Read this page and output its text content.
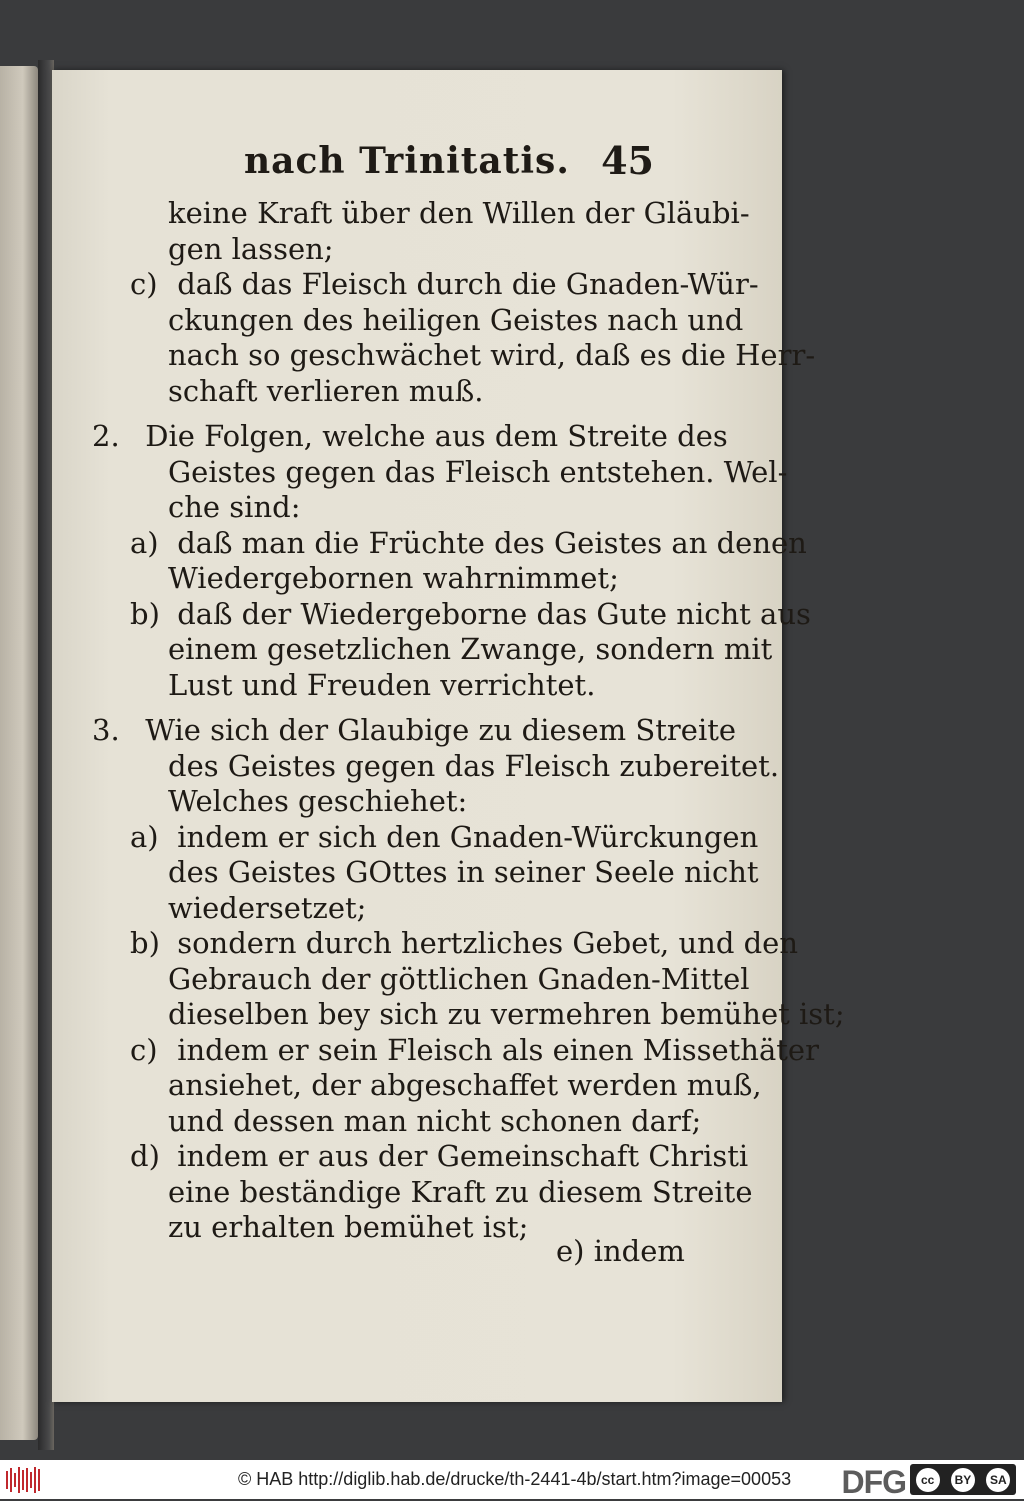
nach Trinitatis. 45
keine Kraft über den Willen der Gläubi-
gen lassen;
c) daß das Fleisch durch die Gnaden-Wür-
ckungen des heiligen Geistes nach und
nach so geschwächet wird, daß es die Herr-
schaft verlieren muß.
2. Die Folgen, welche aus dem Streite des
Geistes gegen das Fleisch entstehen. Wel-
che sind:
a) daß man die Früchte des Geistes an denen
Wiedergebornen wahrnimmet;
b) daß der Wiedergeborne das Gute nicht aus
einem gesetzlichen Zwange, sondern mit
Lust und Freuden verrichtet.
3. Wie sich der Glaubige zu diesem Streite
des Geistes gegen das Fleisch zubereitet.
Welches geschiehet:
a) indem er sich den Gnaden-Würckungen
des Geistes GOttes in seiner Seele nicht
wiedersetzet;
b) sondern durch hertzliches Gebet, und den
Gebrauch der göttlichen Gnaden-Mittel
dieselben bey sich zu vermehren bemühet ist;
c) indem er sein Fleisch als einen Missethäter
ansiehet, der abgeschaffet werden muß,
und dessen man nicht schonen darf;
d) indem er aus der Gemeinschaft Christi
eine beständige Kraft zu diesem Streite
zu erhalten bemühet ist;
e) indem
© HAB http://diglib.hab.de/drucke/th-2441-4b/start.htm?image=00053 DFG	cc	BY	SA
